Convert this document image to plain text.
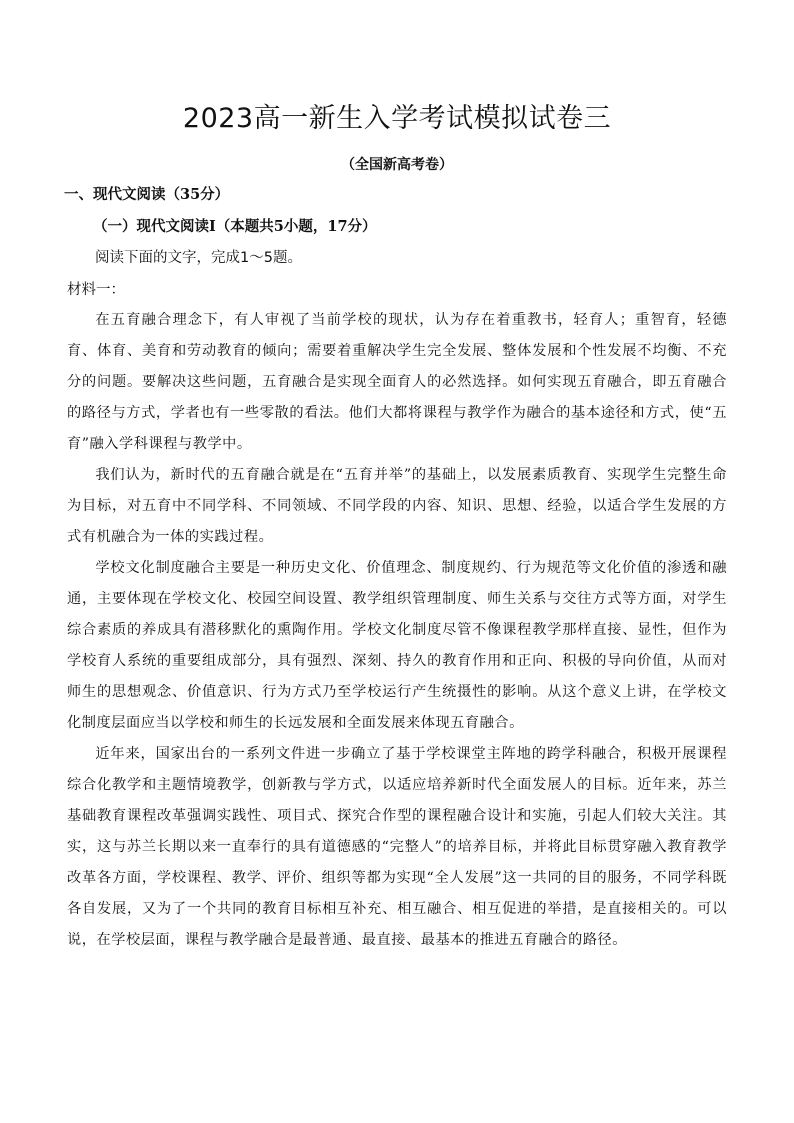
2023高一新生入学考试模拟试卷三

（全国新高考卷）

一、现代文阅读（35分）

（一）现代文阅读Ⅰ（本题共5小题，17分）

阅读下面的文字，完成1～5题。

材料一：

在五育融合理念下，有人审视了当前学校的现状，认为存在着重教书，轻育人；重智育，轻德育、体育、美育和劳动教育的倾向；需要着重解决学生完全发展、整体发展和个性发展不均衡、不充分的问题。要解决这些问题，五育融合是实现全面育人的必然选择。如何实现五育融合，即五育融合的路径与方式，学者也有一些零散的看法。他们大都将课程与教学作为融合的基本途径和方式，使“五育”融入学科课程与教学中。

我们认为，新时代的五育融合就是在“五育并举”的基础上，以发展素质教育、实现学生完整生命为目标，对五育中不同学科、不同领域、不同学段的内容、知识、思想、经验，以适合学生发展的方式有机融合为一体的实践过程。

学校文化制度融合主要是一种历史文化、价值理念、制度规约、行为规范等文化价值的渗透和融通，主要体现在学校文化、校园空间设置、教学组织管理制度、师生关系与交往方式等方面，对学生综合素质的养成具有潜移默化的熏陶作用。学校文化制度尽管不像课程教学那样直接、显性，但作为学校育人系统的重要组成部分，具有强烈、深刻、持久的教育作用和正向、积极的导向价值，从而对师生的思想观念、价值意识、行为方式乃至学校运行产生统摄性的影响。从这个意义上讲，在学校文化制度层面应当以学校和师生的长远发展和全面发展来体现五育融合。

近年来，国家出台的一系列文件进一步确立了基于学校课堂主阵地的跨学科融合，积极开展课程综合化教学和主题情境教学，创新教与学方式，以适应培养新时代全面发展人的目标。近年来，苏兰基础教育课程改革强调实践性、项目式、探究合作型的课程融合设计和实施，引起人们较大关注。其实，这与苏兰长期以来一直奉行的具有道德感的“完整人”的培养目标，并将此目标贯穿融入教育教学改革各方面，学校课程、教学、评价、组织等都为实现“全人发展”这一共同的目的服务，不同学科既各自发展，又为了一个共同的教育目标相互补充、相互融合、相互促进的举措，是直接相关的。可以说，在学校层面，课程与教学融合是最普通、最直接、最基本的推进五育融合的路径。
